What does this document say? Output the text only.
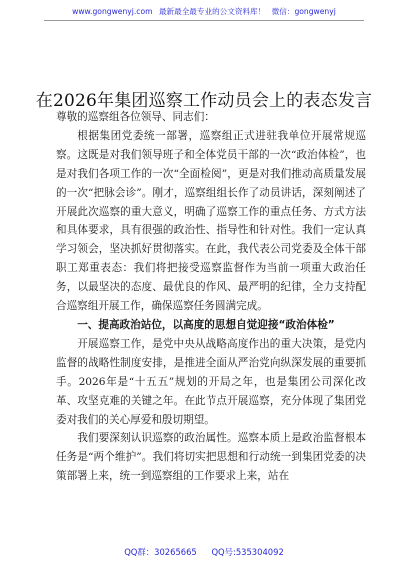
www.gongwenyj.com 最新最全最专业的公文资料库！ 微信：gongwenyj
在2026年集团巡察工作动员会上的表态发言

尊敬的巡察组各位领导、同志们：

根据集团党委统一部署，巡察组正式进驻我单位开展常规巡察。这既是对我们领导班子和全体党员干部的一次“政治体检”，也是对我们各项工作的一次“全面检阅”，更是对我们推动高质量发展的一次“把脉会诊”。刚才，巡察组组长作了动员讲话，深刻阐述了开展此次巡察的重大意义，明确了巡察工作的重点任务、方式方法和具体要求，具有很强的政治性、指导性和针对性。我们一定认真学习领会，坚决抓好贯彻落实。在此，我代表公司党委及全体干部职工郑重表态：我们将把接受巡察监督作为当前一项重大政治任务，以最坚决的态度、最优良的作风、最严明的纪律，全力支持配合巡察组开展工作，确保巡察任务圆满完成。

一、提高政治站位，以高度的思想自觉迎接“政治体检”

开展巡察工作，是党中央从战略高度作出的重大决策，是党内监督的战略性制度安排，是推进全面从严治党向纵深发展的重要抓手。2026年是“十五五”规划的开局之年，也是集团公司深化改革、攻坚克难的关键之年。在此节点开展巡察，充分体现了集团党委对我们的关心厚爱和殷切期望。

我们要深刻认识巡察的政治属性。巡察本质上是政治监督根本任务是“两个维护”。我们将切实把思想和行动统一到集团党委的决策部署上来，统一到巡察组的工作要求上来，站在

QQ群：30265665 QQ号:535304092
